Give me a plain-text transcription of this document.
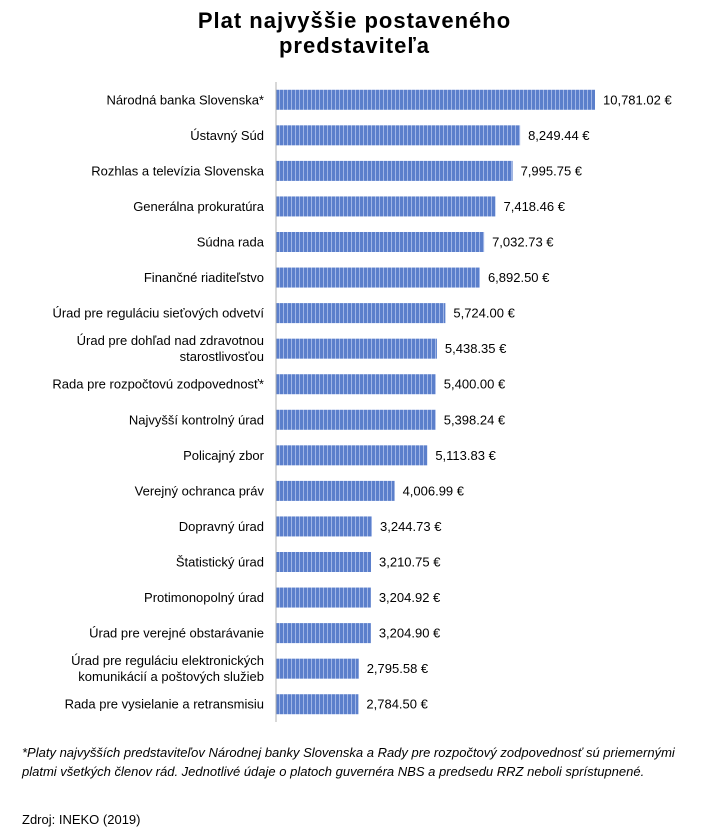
Plat najvyššie postaveného
predstaviteľa
10,781.02 €
Národná banka Slovenska*
8,249.44 €
Ústavný Súd
7,995.75 €
Rozhlas a televízia Slovenska
7,418.46 €
Generálna prokuratúra
7,032.73 €
Súdna rada
6,892.50 €
Finančné riaditeľstvo
5,724.00 €
Úrad pre reguláciu sieťových odvetví
5,438.35 €
Úrad pre dohľad nad zdravotnou
starostlivosťou
5,400.00 €
Rada pre rozpočtovú zodpovednosť*
5,398.24 €
Najvyšší kontrolný úrad
5,113.83 €
Policajný zbor
4,006.99 €
Verejný ochranca práv
3,244.73 €
Dopravný úrad
3,210.75 €
Štatistický úrad
3,204.92 €
Protimonopolný úrad
3,204.90 €
Úrad pre verejné obstarávanie
2,795.58 €
Úrad pre reguláciu elektronických
komunikácií a poštových služieb
2,784.50 €
Rada pre vysielanie a retransmisiu
*Platy najvyšších predstaviteľov Národnej banky Slovenska a Rady pre rozpočtový zodpovednosť sú priemernými platmi všetkých členov rád. Jednotlivé údaje o platoch guvernéra NBS a predsedu RRZ neboli sprístupnené.
Zdroj: INEKO (2019)
